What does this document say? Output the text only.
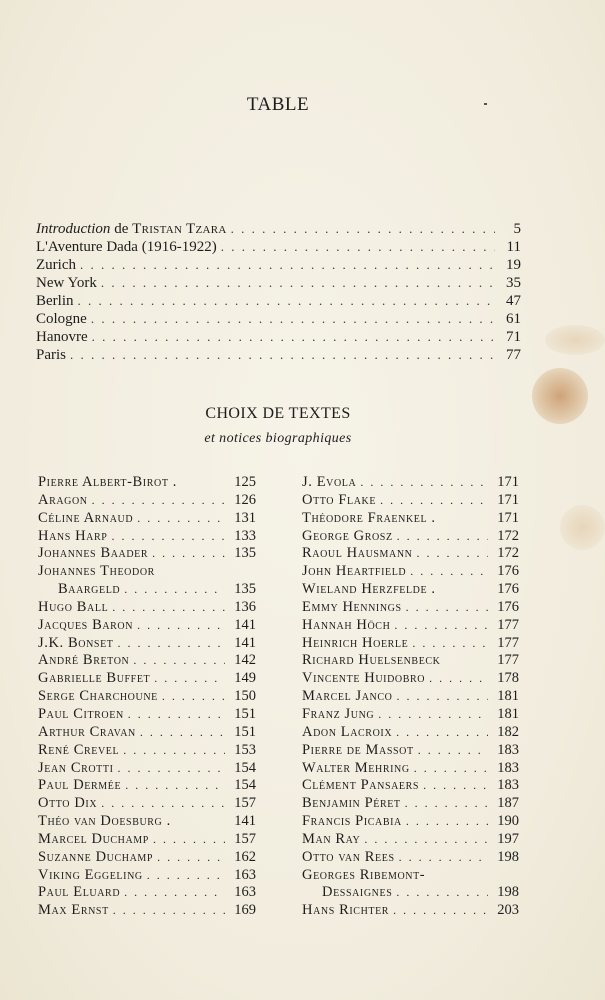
TABLE
Introduction de Tristan Tzara . . .	5
L'Aventure Dada (1916-1922) . . .	11
Zurich . . .	19
New York . . .	35
Berlin . . .	47
Cologne . . .	61
Hanovre . . .	71
Paris . . .	77
CHOIX DE TEXTES
et notices biographiques
Pierre Albert-Birot .	125
Aragon . . .	126
Céline Arnaud . . .	131
Hans Harp . . .	133
Johannes Baader . . .	135
Johannes Theodor
Baargeld . . .	135
Hugo Ball . . .	136
Jacques Baron . . .	141
J.K. Bonset . . .	141
André Breton . . .	142
Gabrielle Buffet . . .	149
Serge Charchoune . . .	150
Paul Citroen . . .	151
Arthur Cravan . . .	151
René Crevel . . .	153
Jean Crotti . . .	154
Paul Dermée . . .	154
Otto Dix . . .	157
Théo van Doesburg .	141
Marcel Duchamp . . .	157
Suzanne Duchamp . . .	162
Viking Eggeling . . .	163
Paul Eluard . . .	163
Max Ernst . . .	169
J. Evola . . .	171
Otto Flake . . .	171
Théodore Fraenkel .	171
George Grosz . . .	172
Raoul Hausmann . . .	172
John Heartfield . . .	176
Wieland Herzfelde .	176
Emmy Hennings . . .	176
Hannah Höch . . .	177
Heinrich Hoerle . . .	177
Richard Huelsenbeck	177
Vincente Huidobro . . .	178
Marcel Janco . . .	181
Franz Jung . . .	181
Adon Lacroix . . .	182
Pierre de Massot . . .	183
Walter Mehring . . .	183
Clément Pansaers . . .	183
Benjamin Péret . . .	187
Francis Picabia . . .	190
Man Ray . . .	197
Otto van Rees . . .	198
Georges Ribemont-
Dessaignes . . .	198
Hans Richter . . .	203
